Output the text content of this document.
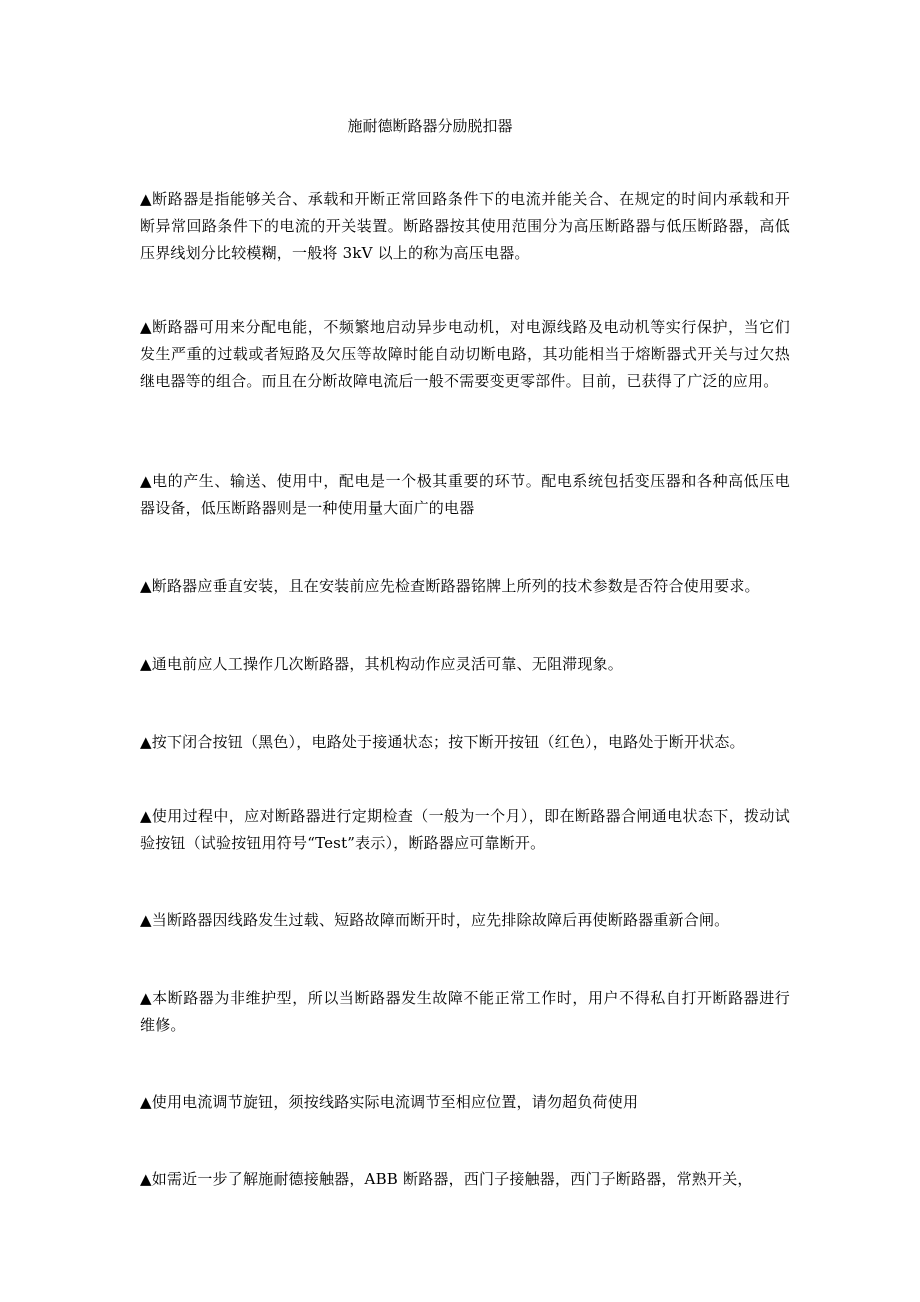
施耐德断路器分励脱扣器

▲断路器是指能够关合、承载和开断正常回路条件下的电流并能关合、在规定的时间内承载和开断异常回路条件下的电流的开关装置。断路器按其使用范围分为高压断路器与低压断路器，高低压界线划分比较模糊，一般将 3kV 以上的称为高压电器。

▲断路器可用来分配电能，不频繁地启动异步电动机，对电源线路及电动机等实行保护，当它们发生严重的过载或者短路及欠压等故障时能自动切断电路，其功能相当于熔断器式开关与过欠热继电器等的组合。而且在分断故障电流后一般不需要变更零部件。目前，已获得了广泛的应用。

▲电的产生、输送、使用中，配电是一个极其重要的环节。配电系统包括变压器和各种高低压电器设备，低压断路器则是一种使用量大面广的电器

▲断路器应垂直安装，且在安装前应先检查断路器铭牌上所列的技术参数是否符合使用要求。

▲通电前应人工操作几次断路器，其机构动作应灵活可靠、无阻滞现象。

▲按下闭合按钮（黑色），电路处于接通状态；按下断开按钮（红色），电路处于断开状态。

▲使用过程中，应对断路器进行定期检查（一般为一个月），即在断路器合闸通电状态下，拨动试验按钮（试验按钮用符号“Test”表示），断路器应可靠断开。

▲当断路器因线路发生过载、短路故障而断开时，应先排除故障后再使断路器重新合闸。

▲本断路器为非维护型，所以当断路器发生故障不能正常工作时，用户不得私自打开断路器进行维修。

▲使用电流调节旋钮，须按线路实际电流调节至相应位置，请勿超负荷使用

▲如需近一步了解施耐德接触器，ABB 断路器，西门子接触器，西门子断路器，常熟开关，
